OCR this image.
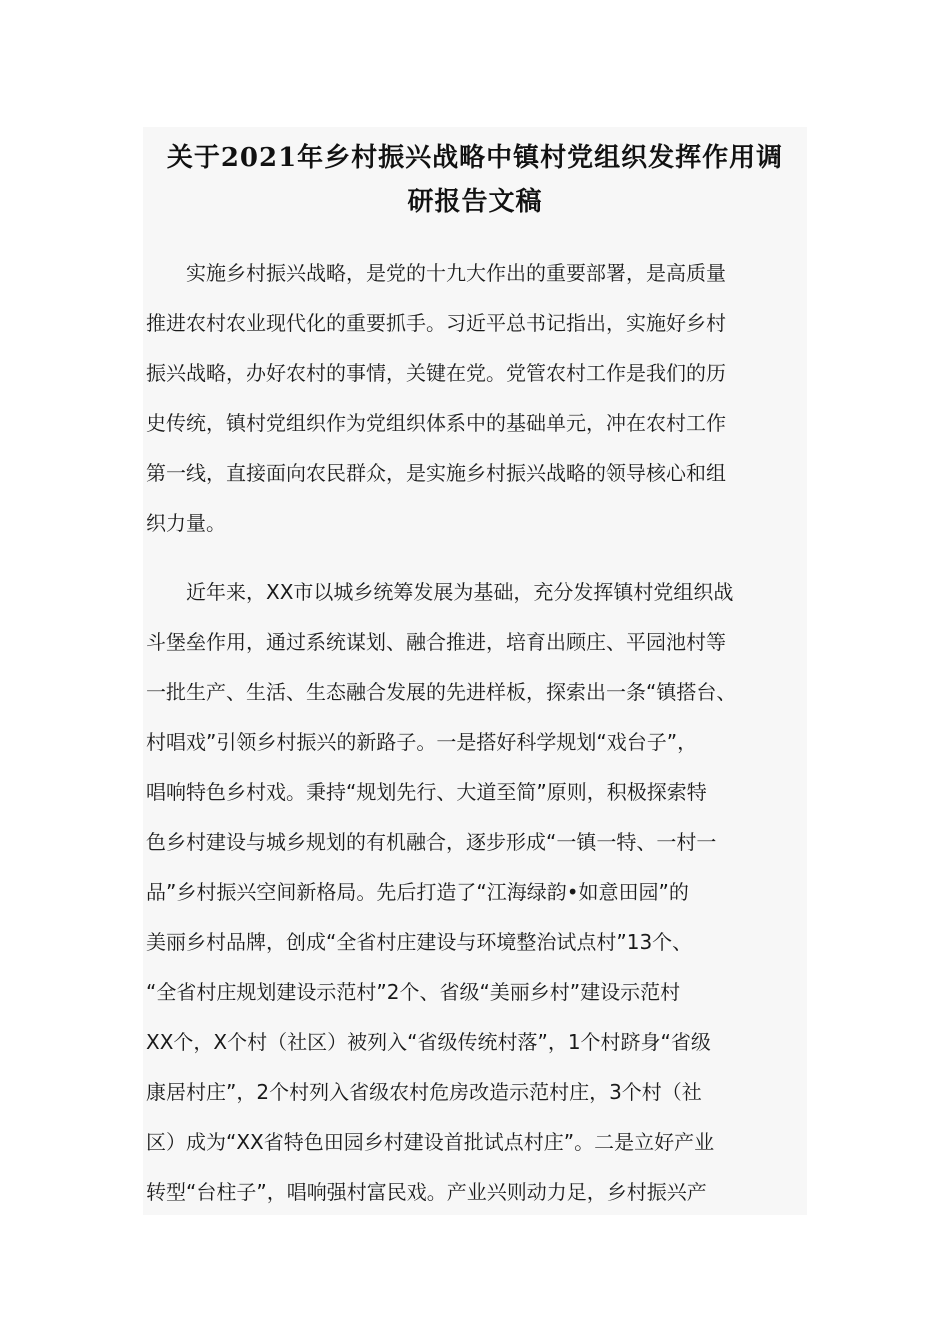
关于2021年乡村振兴战略中镇村党组织发挥作用调
研报告文稿
　　实施乡村振兴战略，是党的十九大作出的重要部署，是高质量
推进农村农业现代化的重要抓手。习近平总书记指出，实施好乡村
振兴战略，办好农村的事情，关键在党。党管农村工作是我们的历
史传统，镇村党组织作为党组织体系中的基础单元，冲在农村工作
第一线，直接面向农民群众，是实施乡村振兴战略的领导核心和组
织力量。
　　近年来，XX市以城乡统筹发展为基础，充分发挥镇村党组织战
斗堡垒作用，通过系统谋划、融合推进，培育出顾庄、平园池村等
一批生产、生活、生态融合发展的先进样板，探索出一条“镇搭台、
村唱戏”引领乡村振兴的新路子。一是搭好科学规划“戏台子”，
唱响特色乡村戏。秉持“规划先行、大道至简”原则，积极探索特
色乡村建设与城乡规划的有机融合，逐步形成“一镇一特、一村一
品”乡村振兴空间新格局。先后打造了“江海绿韵•如意田园”的
美丽乡村品牌，创成“全省村庄建设与环境整治试点村”13个、
“全省村庄规划建设示范村”2个、省级“美丽乡村”建设示范村
XX个，X个村（社区）被列入“省级传统村落”，1个村跻身“省级
康居村庄”，2个村列入省级农村危房改造示范村庄，3个村（社
区）成为“XX省特色田园乡村建设首批试点村庄”。二是立好产业
转型“台柱子”，唱响强村富民戏。产业兴则动力足，乡村振兴产
